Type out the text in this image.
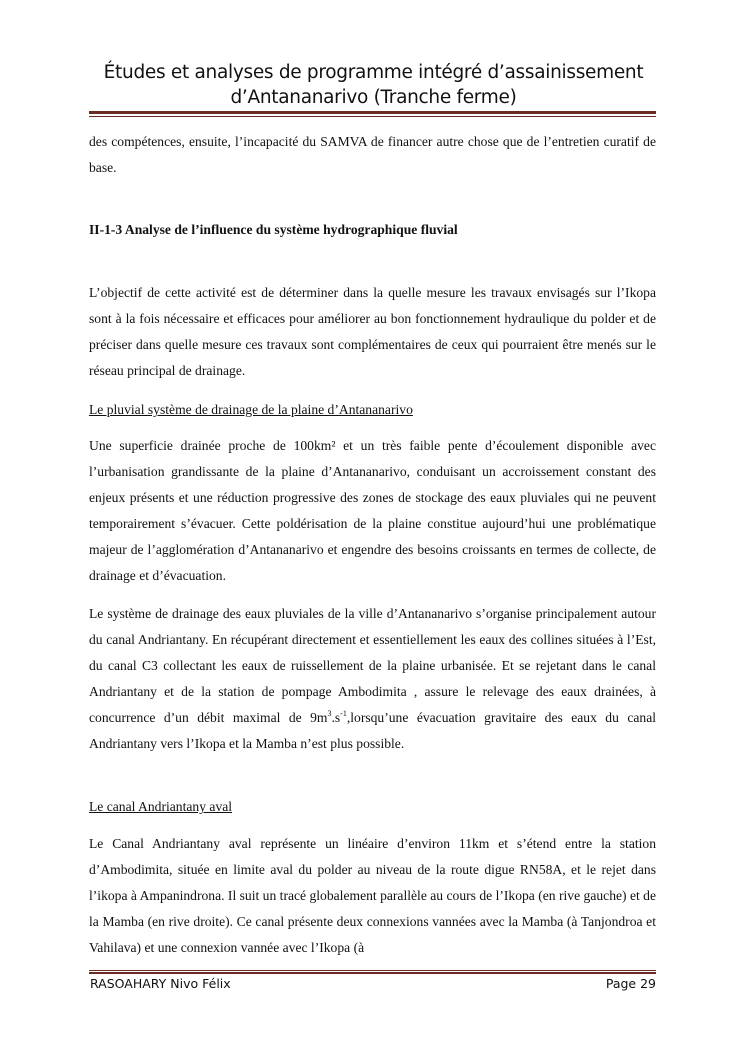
Études et analyses de programme intégré d’assainissement
d’Antananarivo (Tranche ferme)

des compétences, ensuite, l’incapacité du SAMVA de financer autre chose que de l’entretien curatif de base.

II-1-3 Analyse de l’influence du système hydrographique fluvial

L’objectif de cette activité est de déterminer dans la quelle mesure les travaux envisagés sur l’Ikopa sont à la fois nécessaire et efficaces pour améliorer au bon fonctionnement hydraulique du polder et de préciser dans quelle mesure ces travaux sont complémentaires de ceux qui pourraient être menés sur le réseau principal de drainage.

Le pluvial système de drainage de la plaine d’Antananarivo

Une superficie drainée proche de 100km² et un très faible pente d’écoulement disponible avec l’urbanisation grandissante de la plaine d’Antananarivo, conduisant un accroissement constant des enjeux présents et une réduction progressive des zones de stockage des eaux pluviales qui ne peuvent temporairement s’évacuer. Cette poldérisation de la plaine constitue aujourd’hui une problématique majeur de l’agglomération d’Antananarivo et engendre des besoins croissants en termes de collecte, de drainage et d’évacuation.

Le système de drainage des eaux pluviales de la ville d’Antananarivo s’organise principalement autour du canal Andriantany. En récupérant directement et essentiellement les eaux des collines situées à l’Est, du canal C3 collectant les eaux de ruissellement de la plaine urbanisée. Et se rejetant dans le canal Andriantany et de la station de pompage Ambodimita , assure le relevage des eaux drainées, à concurrence d’un débit maximal de $9m^3.s^{-1},lorsqu’une$ évacuation gravitaire des eaux du canal Andriantany vers l’Ikopa et la Mamba n’est plus possible.

Le canal Andriantany aval

Le Canal Andriantany aval représente un linéaire d’environ 11km et s’étend entre la station d’Ambodimita, située en limite aval du polder au niveau de la route digue RN58A, et le rejet dans l’ikopa à Ampanindrona. Il suit un tracé globalement parallèle au cours de l’Ikopa (en rive gauche) et de la Mamba (en rive droite). Ce canal présente deux connexions vannées avec la Mamba (à Tanjondroa et Vahilava) et une connexion vannée avec l’Ikopa (à

RASOAHARY Nivo Félix	Page 29
